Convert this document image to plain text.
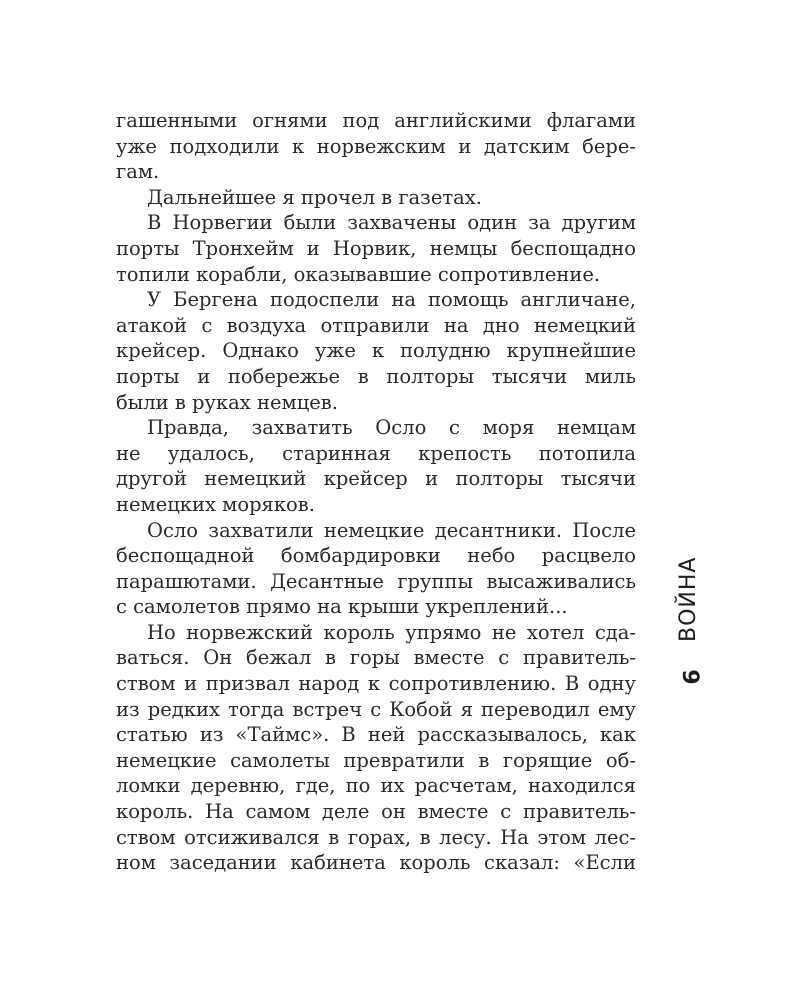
гашенными огнями под английскими флагами
уже подходили к норвежским и датским бере-
гам.
Дальнейшее я прочел в газетах.
В Норвегии были захвачены один за другим
порты Тронхейм и Норвик, немцы беспощадно
топили корабли, оказывавшие сопротивление.
У Бергена подоспели на помощь англичане,
атакой с воздуха отправили на дно немецкий
крейсер. Однако уже к полудню крупнейшие
порты и побережье в полторы тысячи миль
были в руках немцев.
Правда, захватить Осло с моря немцам
не удалось, старинная крепость потопила
другой немецкий крейсер и полторы тысячи
немецких моряков.
Осло захватили немецкие десантники. После
беспощадной бомбардировки небо расцвело
парашютами. Десантные группы высаживались
с самолетов прямо на крыши укреплений...
Но норвежский король упрямо не хотел сда-
ваться. Он бежал в горы вместе с правитель-
ством и призвал народ к сопротивлению. В одну
из редких тогда встреч с Кобой я переводил ему
статью из «Таймс». В ней рассказывалось, как
немецкие самолеты превратили в горящие об-
ломки деревню, где, по их расчетам, находился
король. На самом деле он вместе с правитель-
ством отсиживался в горах, в лесу. На этом лес-
ном заседании кабинета король сказал: «Если
ВОЙНА
9
